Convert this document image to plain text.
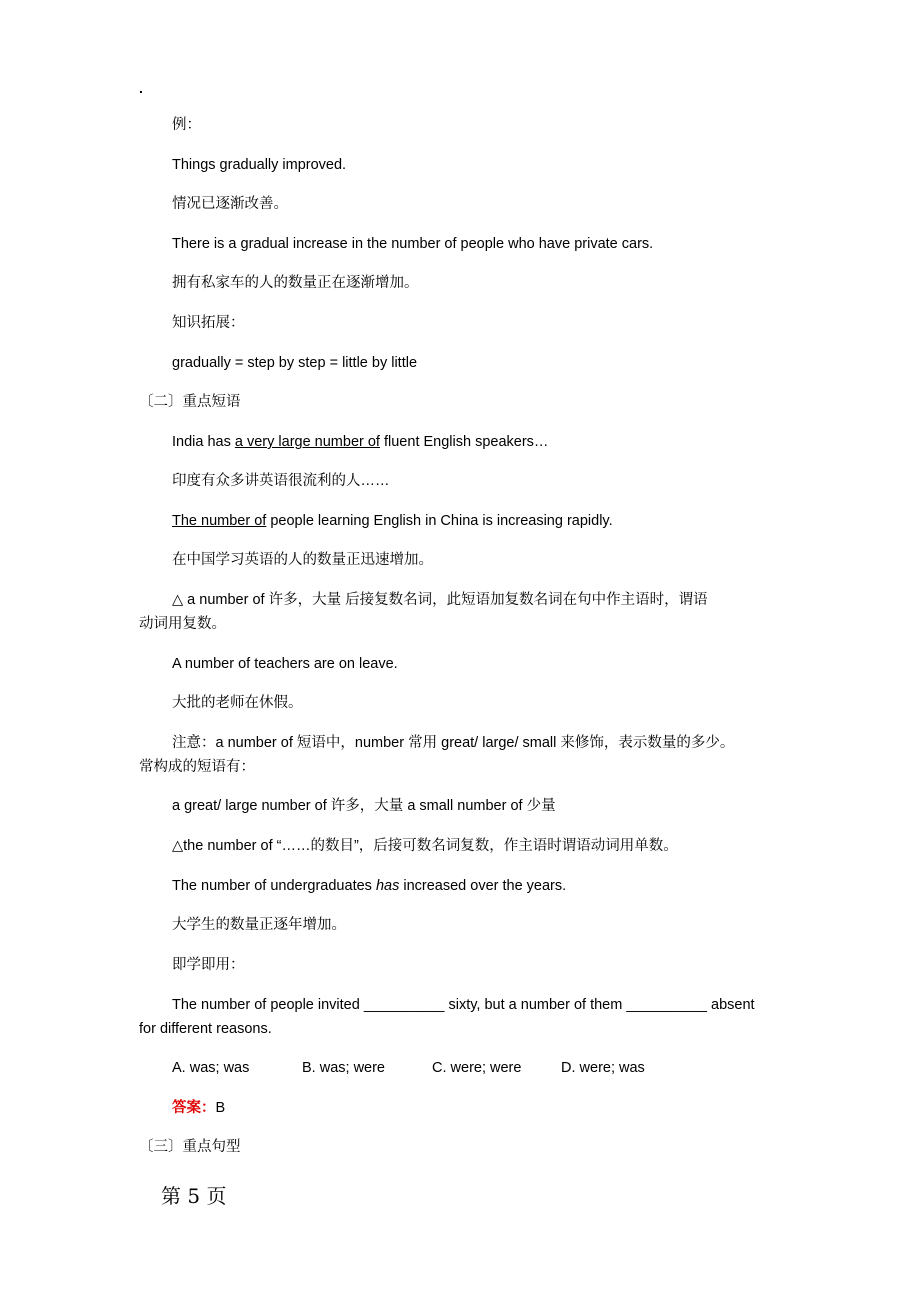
.
例：
Things gradually improved.
情况已逐渐改善。
There is a gradual increase in the number of people who have private cars.
拥有私家车的人的数量正在逐渐增加。
知识拓展：
gradually = step by step = little by little
〔二〕重点短语
India has a very large number of fluent English speakers…
印度有众多讲英语很流利的人……
The number of people learning English in China is increasing rapidly.
在中国学习英语的人的数量正迅速增加。
△ a number of 许多，大量 后接复数名词，此短语加复数名词在句中作主语时，谓语
动词用复数。
A number of teachers are on leave.
大批的老师在休假。
注意：a number of 短语中，number 常用 great/ large/ small 来修饰，表示数量的多少。
常构成的短语有：
a great/ large number of 许多，大量 a small number of 少量
△the number of “……的数目”，后接可数名词复数，作主语时谓语动词用单数。
The number of undergraduates has increased over the years.
大学生的数量正逐年增加。
即学即用：
The number of people invited __________ sixty, but a number of them __________ absent
for different reasons.
A. was; was	B. was; were	C. were; were	D. were; was
答案：B
〔三〕重点句型
第 5 页
